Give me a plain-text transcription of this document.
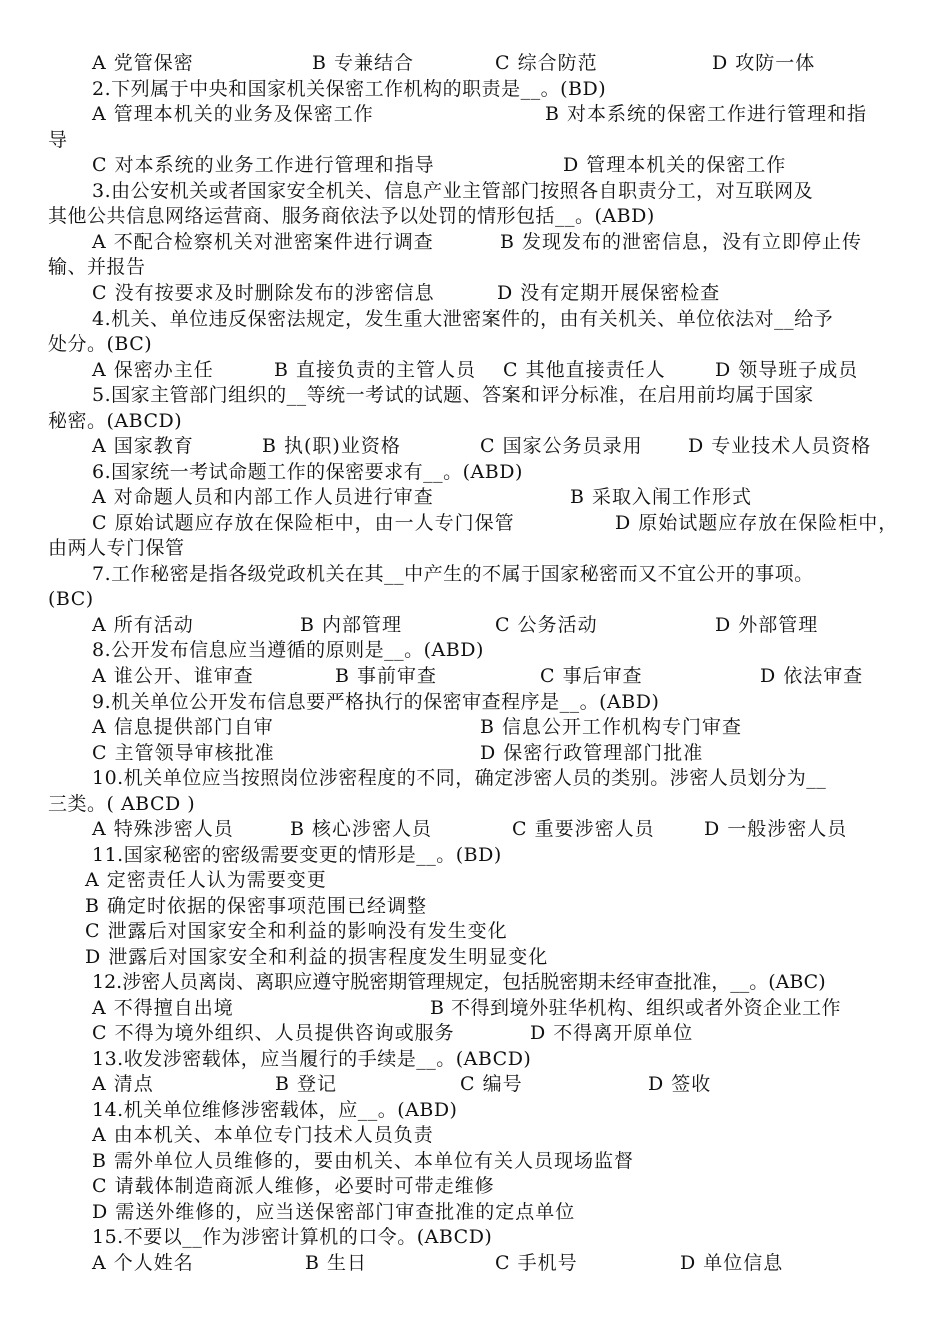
A 党管保密	B 专兼结合	C 综合防范	D 攻防一体
2.下列属于中央和国家机关保密工作机构的职责是__。(BD)
A 管理本机关的业务及保密工作	B 对本系统的保密工作进行管理和指
导
C 对本系统的业务工作进行管理和指导	D 管理本机关的保密工作
3.由公安机关或者国家安全机关、信息产业主管部门按照各自职责分工，对互联网及
其他公共信息网络运营商、服务商依法予以处罚的情形包括__。(ABD)
A 不配合检察机关对泄密案件进行调查	B 发现发布的泄密信息，没有立即停止传
输、并报告
C 没有按要求及时删除发布的涉密信息	D 没有定期开展保密检查
4.机关、单位违反保密法规定，发生重大泄密案件的，由有关机关、单位依法对__给予
处分。(BC)
A 保密办主任	B 直接负责的主管人员 C 其他直接责任人	D 领导班子成员
5.国家主管部门组织的__等统一考试的试题、答案和评分标准，在启用前均属于国家
秘密。(ABCD)
A 国家教育	B 执(职)业资格	C 国家公务员录用 D 专业技术人员资格
6.国家统一考试命题工作的保密要求有__。(ABD)
A 对命题人员和内部工作人员进行审查	B 采取入闱工作形式
C 原始试题应存放在保险柜中，由一人专门保管	D 原始试题应存放在保险柜中，
由两人专门保管
7.工作秘密是指各级党政机关在其__中产生的不属于国家秘密而又不宜公开的事项。
(BC)
A 所有活动	B 内部管理	C 公务活动	D 外部管理
8.公开发布信息应当遵循的原则是__。(ABD)
A 谁公开、谁审查	B 事前审查	C 事后审查	D 依法审查
9.机关单位公开发布信息要严格执行的保密审查程序是__。(ABD)
A 信息提供部门自审	B 信息公开工作机构专门审查
C 主管领导审核批准	D 保密行政管理部门批准
10.机关单位应当按照岗位涉密程度的不同，确定涉密人员的类别。涉密人员划分为__
三类。( ABCD )
A 特殊涉密人员	B 核心涉密人员	C 重要涉密人员	D 一般涉密人员
11.国家秘密的密级需要变更的情形是__。(BD)
A 定密责任人认为需要变更
B 确定时依据的保密事项范围已经调整
C 泄露后对国家安全和利益的影响没有发生变化
D 泄露后对国家安全和利益的损害程度发生明显变化
12.涉密人员离岗、离职应遵守脱密期管理规定，包括脱密期未经审查批准，__。(ABC)
A 不得擅自出境	B 不得到境外驻华机构、组织或者外资企业工作
C 不得为境外组织、人员提供咨询或服务	D 不得离开原单位
13.收发涉密载体，应当履行的手续是__。(ABCD)
A 清点	B 登记	C 编号	D 签收
14.机关单位维修涉密载体，应__。(ABD)
A 由本机关、本单位专门技术人员负责
B 需外单位人员维修的，要由机关、本单位有关人员现场监督
C 请载体制造商派人维修，必要时可带走维修
D 需送外维修的，应当送保密部门审查批准的定点单位
15.不要以__作为涉密计算机的口令。(ABCD)
A 个人姓名	B 生日	C 手机号	D 单位信息
